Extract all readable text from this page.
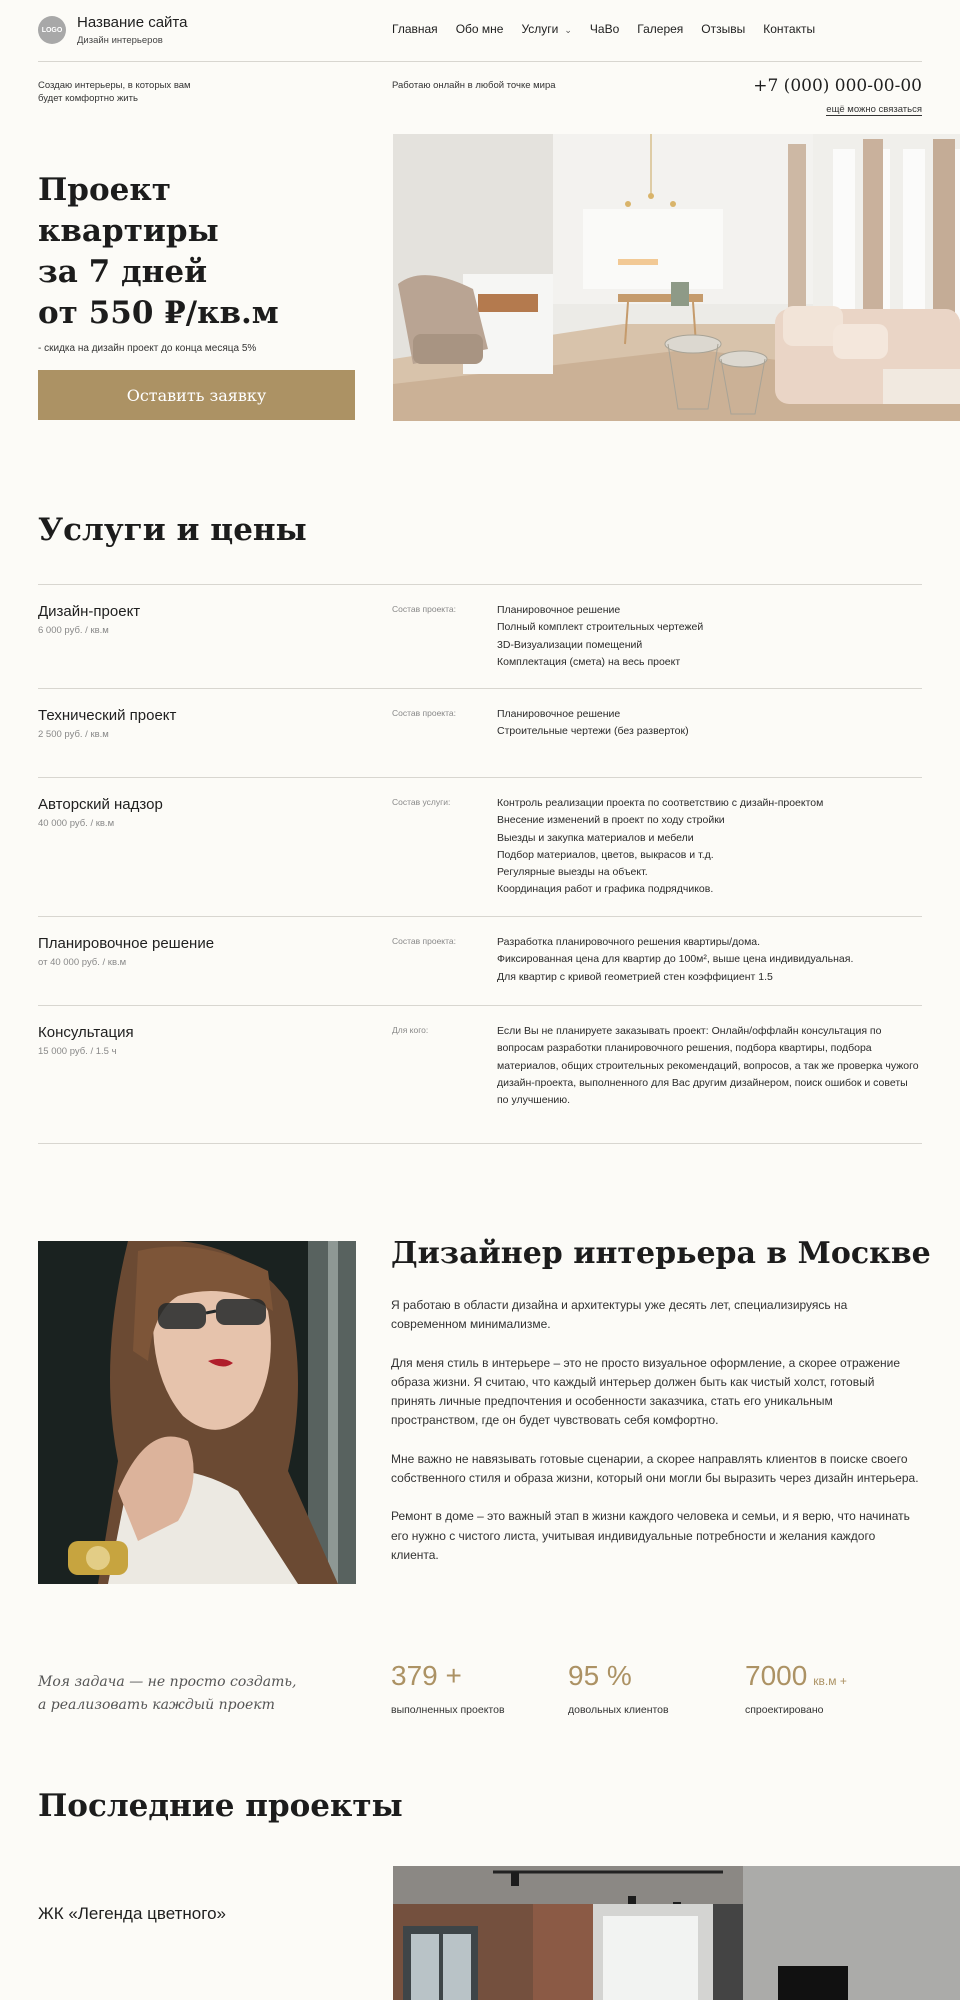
LOGO Название сайта
Дизайн интерьеров
Главная Обо мне Услуги ⌄ ЧаВо Галерея Отзывы Контакты
Создаю интерьеры, в которых вам будет комфортно жить
Работаю онлайн в любой точке мира	+7 (000) 000-00-00
ещё можно связаться
Проект квартиры
за 7 дней
от 550 ₽/кв.м
- скидка на дизайн проект до конца месяца 5%
Оставить заявку
Услуги и цены
Дизайн-проект
6 000 руб. / кв.м
Состав проекта:	Планировочное решение
Полный комплект строительных чертежей
3D-Визуализации помещений
Комплектация (смета) на весь проект
Технический проект
2 500 руб. / кв.м
Состав проекта:	Планировочное решение
Строительные чертежи (без разверток)
Авторский надзор
40 000 руб. / кв.м
Состав услуги:	Контроль реализации проекта по соответствию с дизайн-проектом
Внесение изменений в проект по ходу стройки
Выезды и закупка материалов и мебели
Подбор материалов, цветов, выкрасов и т.д.
Регулярные выезды на объект.
Координация работ и графика подрядчиков.
Планировочное решение
от 40 000 руб. / кв.м
Состав проекта:	Разработка планировочного решения квартиры/дома.
Фиксированная цена для квартир до 100м², выше цена индивидуальная.
Для квартир с кривой геометрией стен коэффициент 1.5
Консультация
15 000 руб. / 1.5 ч
Для кого:	Если Вы не планируете заказывать проект: Онлайн/оффлайн консультация по вопросам разработки планировочного решения, подбора квартиры, подбора материалов, общих строительных рекомендаций, вопросов, а так же проверка чужого дизайн-проекта, выполненного для Вас другим дизайнером, поиск ошибок и советы по улучшению.
Дизайнер интерьера в Москве

Я работаю в области дизайна и архитектуры уже десять лет, специализируясь на современном минимализме.

Для меня стиль в интерьере – это не просто визуальное оформление, а скорее отражение образа жизни. Я считаю, что каждый интерьер должен быть как чистый холст, готовый принять личные предпочтения и особенности заказчика, стать его уникальным пространством, где он будет чувствовать себя комфортно.

Мне важно не навязывать готовые сценарии, а скорее направлять клиентов в поиске своего собственного стиля и образа жизни, который они могли бы выразить через дизайн интерьера.

Ремонт в доме – это важный этап в жизни каждого человека и семьи, и я верю, что начинать его нужно с чистого листа, учитывая индивидуальные потребности и желания каждого клиента.

Моя задача — не просто создать, а реализовать каждый проект
379 +
выполненных проектов
95 %
довольных клиентов
7000 кв.м +
спроектировано
Последние проекты
ЖК «Легенда цветного»
